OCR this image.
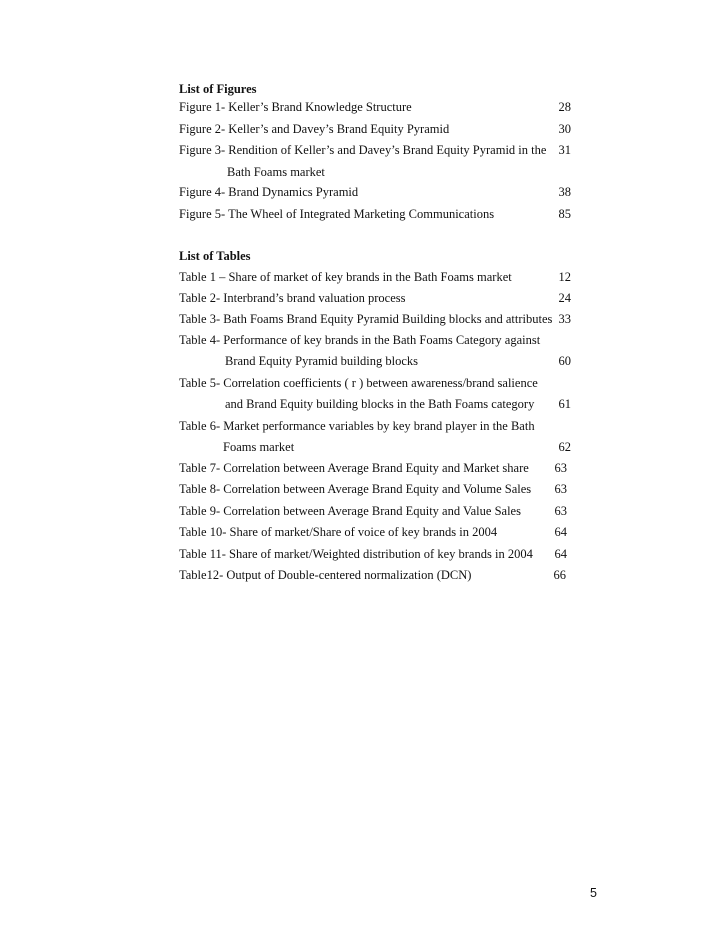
List of Figures
Figure 1- Keller’s Brand Knowledge Structure	28
Figure 2- Keller’s and Davey’s Brand Equity Pyramid	30
Figure 3- Rendition of Keller’s and Davey’s Brand Equity Pyramid in the 31
Bath Foams market
Figure 4- Brand Dynamics Pyramid	38
Figure 5- The Wheel of Integrated Marketing Communications	85
List of Tables
Table 1 – Share of market of key brands in the Bath Foams market	12
Table 2- Interbrand’s brand valuation process	24
Table 3- Bath Foams Brand Equity Pyramid Building blocks and attributes 33
Table 4- Performance of key brands in the Bath Foams Category against
Brand Equity Pyramid building blocks	60
Table 5- Correlation coefficients ( r ) between awareness/brand salience
and Brand Equity building blocks in the Bath Foams category 61
Table 6- Market performance variables by key brand player in the Bath
Foams market	62
Table 7- Correlation between Average Brand Equity and Market share 63
Table 8- Correlation between Average Brand Equity and Volume Sales 63
Table 9- Correlation between Average Brand Equity and Value Sales	63
Table 10- Share of market/Share of voice of key brands in 2004	64
Table 11- Share of market/Weighted distribution of key brands in 2004 64
Table12- Output of Double-centered normalization (DCN)	66
5
